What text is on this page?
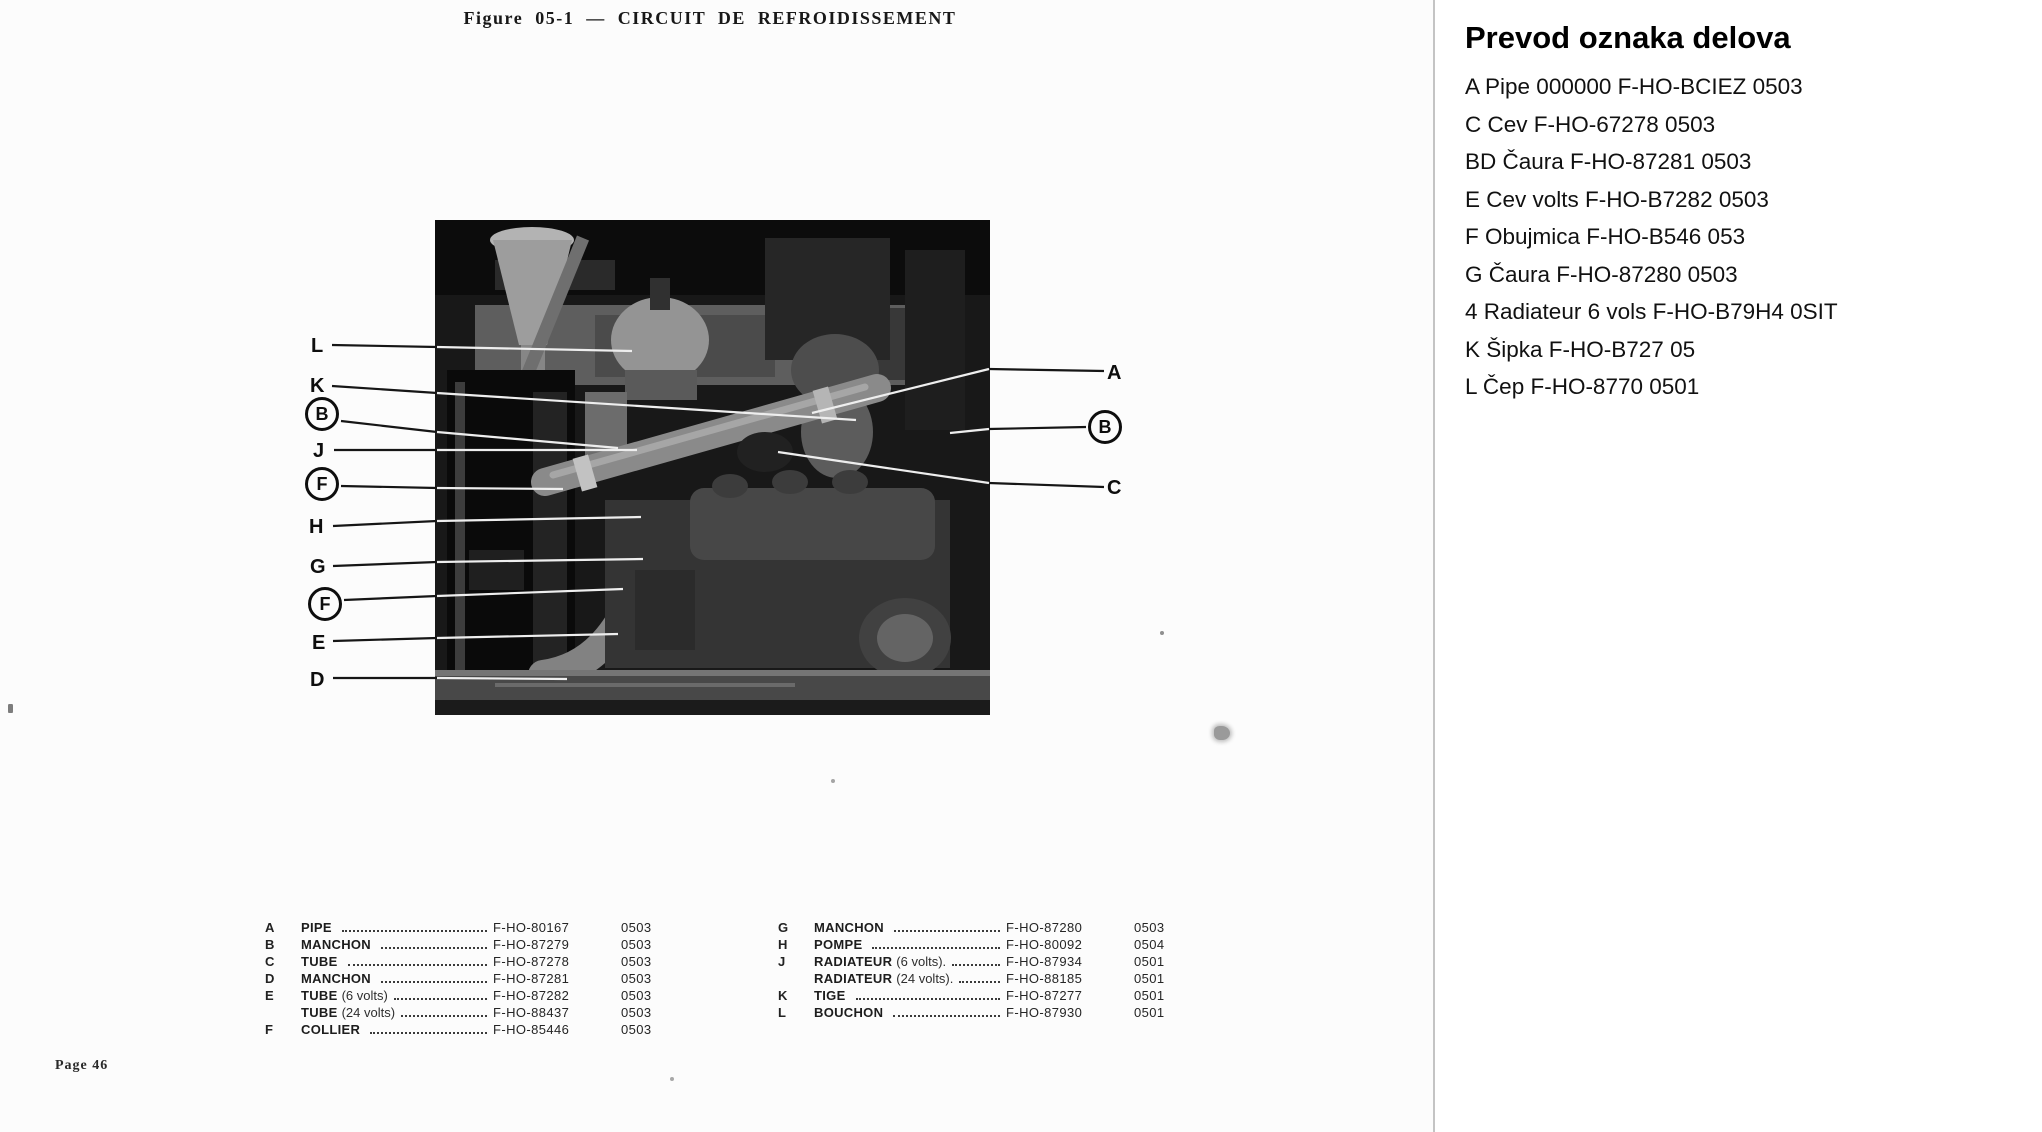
Figure 05-1 — CIRCUIT DE REFROIDISSEMENT
L
K
B
J
F
H
G
F
E
D
A
B
C
A	PIPE	F-HO-80167	0503
B	MANCHON	F-HO-87279	0503
C	TUBE	F-HO-87278	0503
D	MANCHON	F-HO-87281	0503
E	TUBE (6 volts)	F-HO-87282	0503
TUBE (24 volts)	F-HO-88437	0503
F	COLLIER	F-HO-85446	0503
G	MANCHON	F-HO-87280	0503
H	POMPE	F-HO-80092	0504
J	RADIATEUR (6 volts).	F-HO-87934	0501
RADIATEUR (24 volts).	F-HO-88185	0501
K	TIGE	F-HO-87277	0501
L	BOUCHON	F-HO-87930	0501
Page 46
Prevod oznaka delova

A Pipe 000000 F-HO-BCIEZ 0503

C Cev F-HO-67278 0503

BD Čaura F-HO-87281 0503

E Cev volts F-HO-B7282 0503

F Obujmica F-HO-B546 053

G Čaura F-HO-87280 0503

4 Radiateur 6 vols F-HO-B79H4 0SIT

K Šipka F-HO-B727 05

L Čep F-HO-8770 0501
